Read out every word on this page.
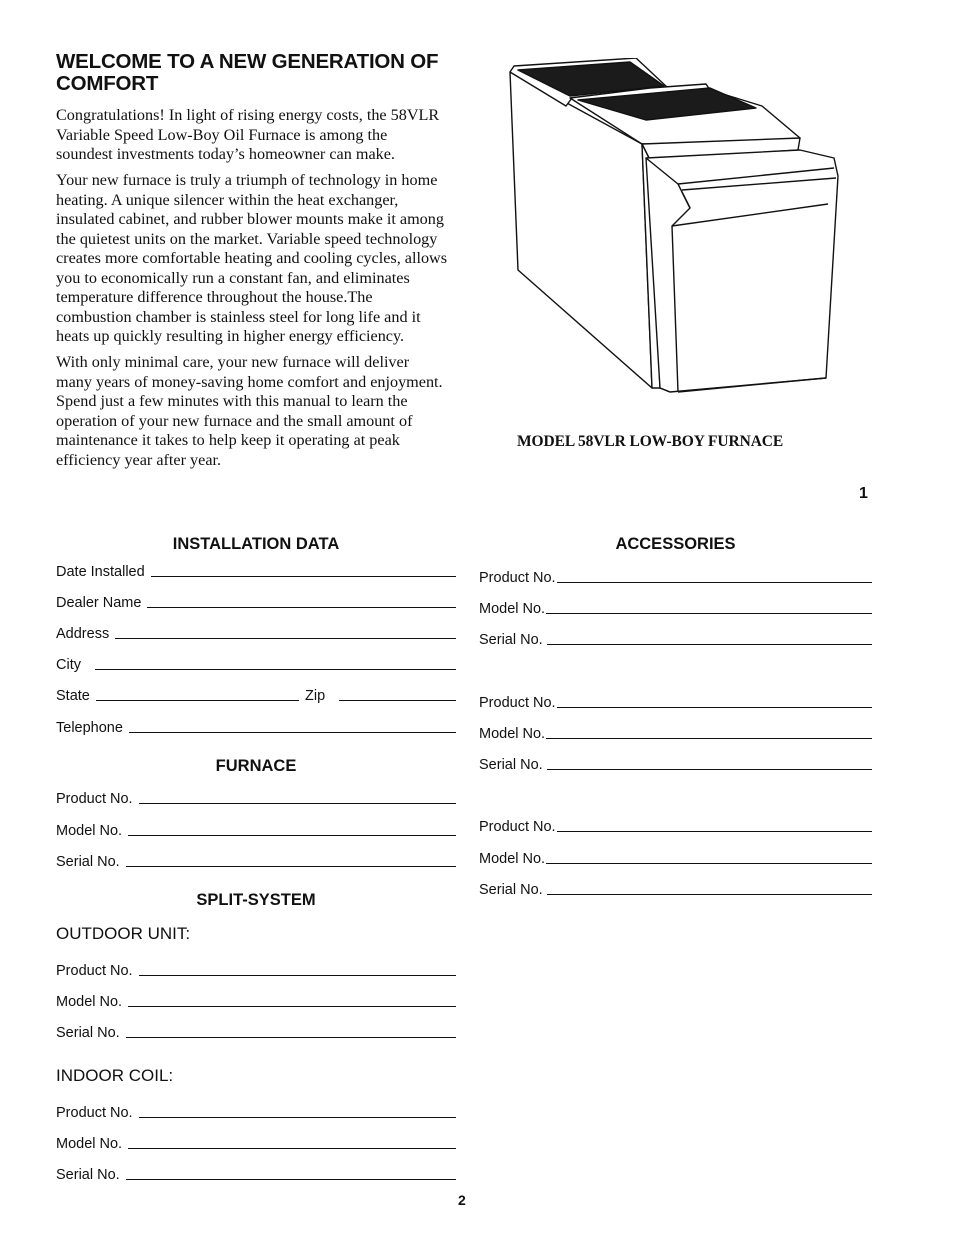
WELCOME TO A NEW GENERATION OF COMFORT

Congratulations! In light of rising energy costs, the 58VLR Variable Speed Low-Boy Oil Furnace is among the soundest investments today’s homeowner can make.

Your new furnace is truly a triumph of technology in home heating. A unique silencer within the heat exchanger, insulated cabinet, and rubber blower mounts make it among the quietest units on the market. Variable speed technology creates more comfortable heating and cooling cycles, allows you to economically run a constant fan, and eliminates temperature difference throughout the house.The combustion chamber is stainless steel for long life and it heats up quickly resulting in higher energy efficiency.

With only minimal care, your new furnace will deliver many years of money-saving home comfort and enjoyment. Spend just a few minutes with this manual to learn the operation of your new furnace and the small amount of maintenance it takes to help keep it operating at peak efficiency year after year.

MODEL 58VLR LOW-BOY FURNACE
1
INSTALLATION DATA
Date Installed
Dealer Name
Address
City
State	Zip
Telephone
FURNACE
Product No.
Model No.
Serial No.
SPLIT-SYSTEM
OUTDOOR UNIT:
Product No.
Model No.
Serial No.
INDOOR COIL:
Product No.
Model No.
Serial No.
ACCESSORIES
Product No.
Model No.
Serial No.
Product No.
Model No.
Serial No.
Product No.
Model No.
Serial No.
2
